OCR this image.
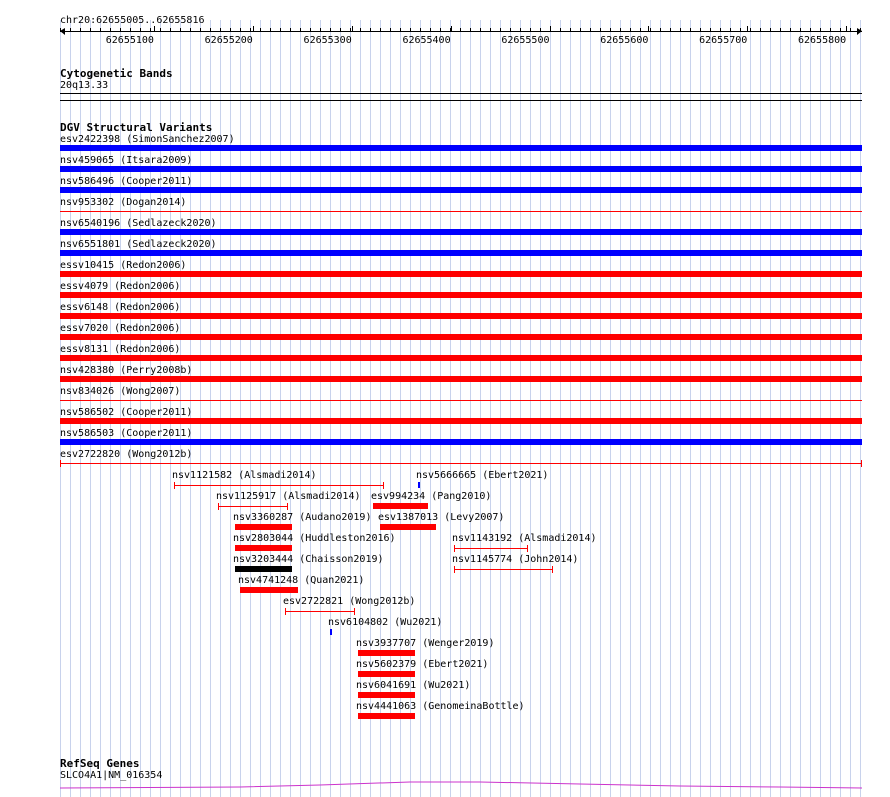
chr20:62655005..62655816
62655100	62655200	62655300	62655400	62655500	62655600	62655700	62655800
Cytogenetic Bands
20q13.33
DGV Structural Variants
esv2422398 (SimonSanchez2007)
nsv459065 (Itsara2009)
nsv586496 (Cooper2011)
nsv953302 (Dogan2014)
nsv6540196 (Sedlazeck2020)
nsv6551801 (Sedlazeck2020)
essv10415 (Redon2006)
essv4079 (Redon2006)
essv6148 (Redon2006)
essv7020 (Redon2006)
essv8131 (Redon2006)
nsv428380 (Perry2008b)
nsv834026 (Wong2007)
nsv586502 (Cooper2011)
nsv586503 (Cooper2011)
esv2722820 (Wong2012b)
nsv1121582 (Alsmadi2014)	nsv5666665 (Ebert2021)
nsv1125917 (Alsmadi2014) esv994234 (Pang2010)
nsv3360287 (Audano2019) esv1387013 (Levy2007)
nsv2803044 (Huddleston2016)	nsv1143192 (Alsmadi2014)
nsv3203444 (Chaisson2019)	nsv1145774 (John2014)
nsv4741248 (Quan2021)
esv2722821 (Wong2012b)
nsv6104802 (Wu2021)
nsv3937707 (Wenger2019)
nsv5602379 (Ebert2021)
nsv6041691 (Wu2021)
nsv4441063 (GenomeinaBottle)
RefSeq Genes
SLCO4A1|NM_016354
